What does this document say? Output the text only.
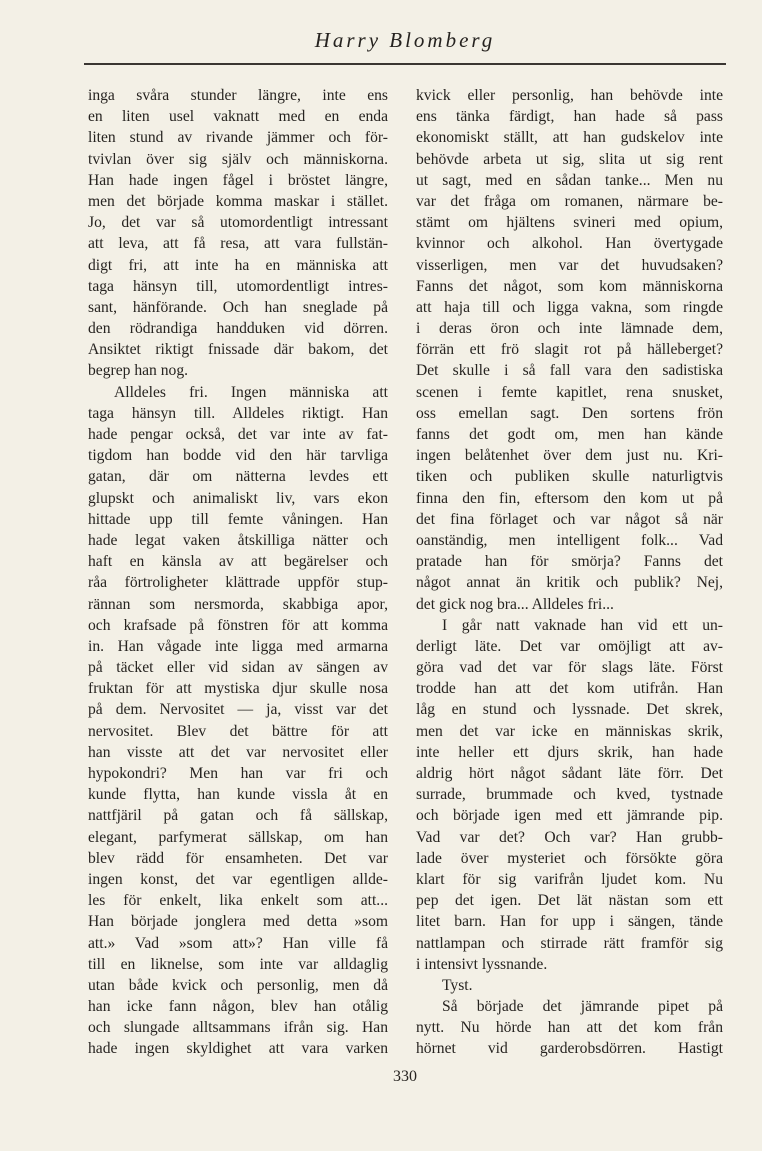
Harry Blomberg
inga svåra stunder längre, inte ens
en liten usel vaknatt med en enda
liten stund av rivande jämmer och för-
tvivlan över sig själv och människorna.
Han hade ingen fågel i bröstet längre,
men det började komma maskar i stället.
Jo, det var så utomordentligt intressant
att leva, att få resa, att vara fullstän-
digt fri, att inte ha en människa att
taga hänsyn till, utomordentligt intres-
sant, hänförande. Och han sneglade på
den rödrandiga handduken vid dörren.
Ansiktet riktigt fnissade där bakom, det
begrep han nog.
Alldeles fri. Ingen människa att
taga hänsyn till. Alldeles riktigt. Han
hade pengar också, det var inte av fat-
tigdom han bodde vid den här tarvliga
gatan, där om nätterna levdes ett
glupskt och animaliskt liv, vars ekon
hittade upp till femte våningen. Han
hade legat vaken åtskilliga nätter och
haft en känsla av att begärelser och
råa förtroligheter klättrade uppför stup-
rännan som nersmorda, skabbiga apor,
och krafsade på fönstren för att komma
in. Han vågade inte ligga med armarna
på täcket eller vid sidan av sängen av
fruktan för att mystiska djur skulle nosa
på dem. Nervositet — ja, visst var det
nervositet. Blev det bättre för att
han visste att det var nervositet eller
hypokondri? Men han var fri och
kunde flytta, han kunde vissla åt en
nattfjäril på gatan och få sällskap,
elegant, parfymerat sällskap, om han
blev rädd för ensamheten. Det var
ingen konst, det var egentligen allde-
les för enkelt, lika enkelt som att...
Han började jonglera med detta »som
att.» Vad »som att»? Han ville få
till en liknelse, som inte var alldaglig
utan både kvick och personlig, men då
han icke fann någon, blev han otålig
och slungade alltsammans ifrån sig. Han
hade ingen skyldighet att vara varken
kvick eller personlig, han behövde inte
ens tänka färdigt, han hade så pass
ekonomiskt ställt, att han gudskelov inte
behövde arbeta ut sig, slita ut sig rent
ut sagt, med en sådan tanke... Men nu
var det fråga om romanen, närmare be-
stämt om hjältens svineri med opium,
kvinnor och alkohol. Han övertygade
visserligen, men var det huvudsaken?
Fanns det något, som kom människorna
att haja till och ligga vakna, som ringde
i deras öron och inte lämnade dem,
förrän ett frö slagit rot på hälleberget?
Det skulle i så fall vara den sadistiska
scenen i femte kapitlet, rena snusket,
oss emellan sagt. Den sortens frön
fanns det godt om, men han kände
ingen belåtenhet över dem just nu. Kri-
tiken och publiken skulle naturligtvis
finna den fin, eftersom den kom ut på
det fina förlaget och var något så när
oanständig, men intelligent folk... Vad
pratade han för smörja? Fanns det
något annat än kritik och publik? Nej,
det gick nog bra... Alldeles fri...
I går natt vaknade han vid ett un-
derligt läte. Det var omöjligt att av-
göra vad det var för slags läte. Först
trodde han att det kom utifrån. Han
låg en stund och lyssnade. Det skrek,
men det var icke en människas skrik,
inte heller ett djurs skrik, han hade
aldrig hört något sådant läte förr. Det
surrade, brummade och kved, tystnade
och började igen med ett jämrande pip.
Vad var det? Och var? Han grubb-
lade över mysteriet och försökte göra
klart för sig varifrån ljudet kom. Nu
pep det igen. Det lät nästan som ett
litet barn. Han for upp i sängen, tände
nattlampan och stirrade rätt framför sig
i intensivt lyssnande.
Tyst.
Så började det jämrande pipet på
nytt. Nu hörde han att det kom från
hörnet vid garderobsdörren. Hastigt
330
